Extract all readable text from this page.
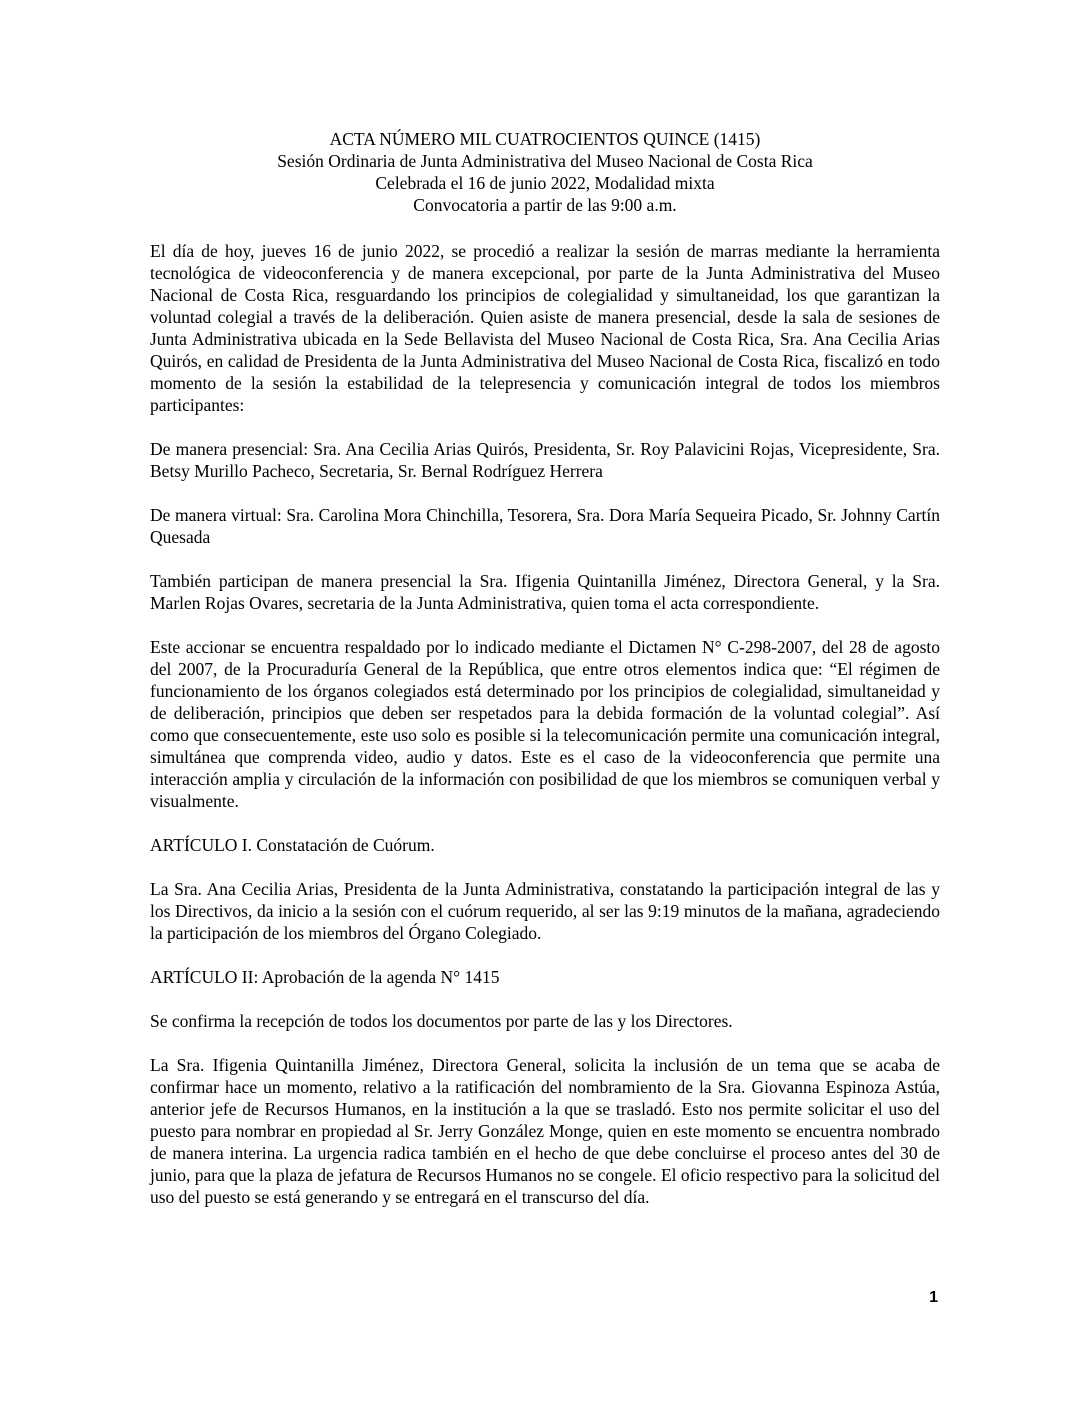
ACTA NÚMERO MIL CUATROCIENTOS QUINCE (1415)
Sesión Ordinaria de Junta Administrativa del Museo Nacional de Costa Rica
Celebrada el 16 de junio 2022, Modalidad mixta
Convocatoria a partir de las 9:00 a.m.

El día de hoy, jueves 16 de junio 2022, se procedió a realizar la sesión de marras mediante la herramienta tecnológica de videoconferencia y de manera excepcional, por parte de la Junta Administrativa del Museo Nacional de Costa Rica, resguardando los principios de colegialidad y simultaneidad, los que garantizan la voluntad colegial a través de la deliberación. Quien asiste de manera presencial, desde la sala de sesiones de Junta Administrativa ubicada en la Sede Bellavista del Museo Nacional de Costa Rica, Sra. Ana Cecilia Arias Quirós, en calidad de Presidenta de la Junta Administrativa del Museo Nacional de Costa Rica, fiscalizó en todo momento de la sesión la estabilidad de la telepresencia y comunicación integral de todos los miembros participantes:

De manera presencial: Sra. Ana Cecilia Arias Quirós, Presidenta, Sr. Roy Palavicini Rojas, Vicepresidente, Sra. Betsy Murillo Pacheco, Secretaria, Sr. Bernal Rodríguez Herrera

De manera virtual: Sra. Carolina Mora Chinchilla, Tesorera, Sra. Dora María Sequeira Picado, Sr. Johnny Cartín Quesada

También participan de manera presencial la Sra. Ifigenia Quintanilla Jiménez, Directora General, y la Sra. Marlen Rojas Ovares, secretaria de la Junta Administrativa, quien toma el acta correspondiente.

Este accionar se encuentra respaldado por lo indicado mediante el Dictamen N° C-298-2007, del 28 de agosto del 2007, de la Procuraduría General de la República, que entre otros elementos indica que: “El régimen de funcionamiento de los órganos colegiados está determinado por los principios de colegialidad, simultaneidad y de deliberación, principios que deben ser respetados para la debida formación de la voluntad colegial”. Así como que consecuentemente, este uso solo es posible si la telecomunicación permite una comunicación integral, simultánea que comprenda video, audio y datos. Este es el caso de la videoconferencia que permite una interacción amplia y circulación de la información con posibilidad de que los miembros se comuniquen verbal y visualmente.

ARTÍCULO I. Constatación de Cuórum.

La Sra. Ana Cecilia Arias, Presidenta de la Junta Administrativa, constatando la participación integral de las y los Directivos, da inicio a la sesión con el cuórum requerido, al ser las 9:19 minutos de la mañana, agradeciendo la participación de los miembros del Órgano Colegiado.

ARTÍCULO II: Aprobación de la agenda N° 1415

Se confirma la recepción de todos los documentos por parte de las y los Directores.

La Sra. Ifigenia Quintanilla Jiménez, Directora General, solicita la inclusión de un tema que se acaba de confirmar hace un momento, relativo a la ratificación del nombramiento de la Sra. Giovanna Espinoza Astúa, anterior jefe de Recursos Humanos, en la institución a la que se trasladó. Esto nos permite solicitar el uso del puesto para nombrar en propiedad al Sr. Jerry González Monge, quien en este momento se encuentra nombrado de manera interina. La urgencia radica también en el hecho de que debe concluirse el proceso antes del 30 de junio, para que la plaza de jefatura de Recursos Humanos no se congele. El oficio respectivo para la solicitud del uso del puesto se está generando y se entregará en el transcurso del día.

1
